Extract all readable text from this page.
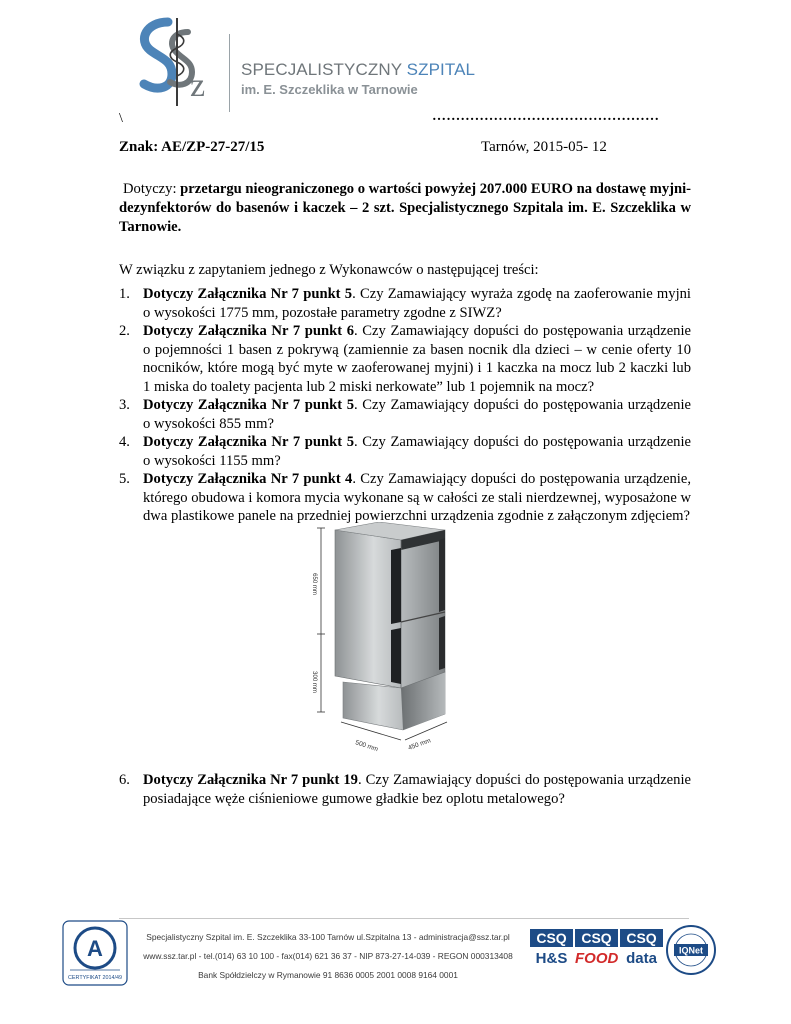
z SPECJALISTYCZNY SZPITAL
im. E. Szczeklika w Tarnowie
\	…………………………………………
Znak: AE/ZP-27-27/15	Tarnów, 2015-05- 12
Dotyczy: przetargu nieograniczonego o wartości powyżej 207.000 EURO na dostawę myjni-dezynfektorów do basenów i kaczek – 2 szt. Specjalistycznego Szpitala im. E. Szczeklika w Tarnowie.
W związku z zapytaniem jednego z Wykonawców o następującej treści:
1. Dotyczy Załącznika Nr 7 punkt 5. Czy Zamawiający wyraża zgodę na zaoferowanie myjni o wysokości 1775 mm, pozostałe parametry zgodne z SIWZ?
2. Dotyczy Załącznika Nr 7 punkt 6. Czy Zamawiający dopuści do postępowania urządzenie o pojemności 1 basen z pokrywą (zamiennie za basen nocnik dla dzieci – w cenie oferty 10 nocników, które mogą być myte w zaoferowanej myjni) i 1 kaczka na mocz lub 2 kaczki lub 1 miska do toalety pacjenta lub 2 miski nerkowate” lub 1 pojemnik na mocz?
3. Dotyczy Załącznika Nr 7 punkt 5. Czy Zamawiający dopuści do postępowania urządzenie o wysokości 855 mm?
4. Dotyczy Załącznika Nr 7 punkt 5. Czy Zamawiający dopuści do postępowania urządzenie o wysokości 1155 mm?
5. Dotyczy Załącznika Nr 7 punkt 4. Czy Zamawiający dopuści do postępowania urządzenie, którego obudowa i komora mycia wykonane są w całości ze stali nierdzewnej, wyposażone w dwa plastikowe panele na przedniej powierzchni urządzenia zgodnie z załączonym zdjęciem?
650 mm
300 mm
500 mm	450 mm
6. Dotyczy Załącznika Nr 7 punkt 19. Czy Zamawiający dopuści do postępowania urządzenie posiadające węże ciśnieniowe gumowe gładkie bez oplotu metalowego?
A
CERTYFIKAT 2014/49
Specjalistyczny Szpital im. E. Szczeklika 33-100 Tarnów ul.Szpitalna 13 - administracja@ssz.tar.pl
www.ssz.tar.pl - tel.(014) 63 10 100 - fax(014) 621 36 37 - NIP 873-27-14-039 - REGON 000313408
Bank Spółdzielczy w Rymanowie 91 8636 0005 2001 0008 9164 0001
CSQ	CSQ	CSQ
H&S FOOD data	IQNet
